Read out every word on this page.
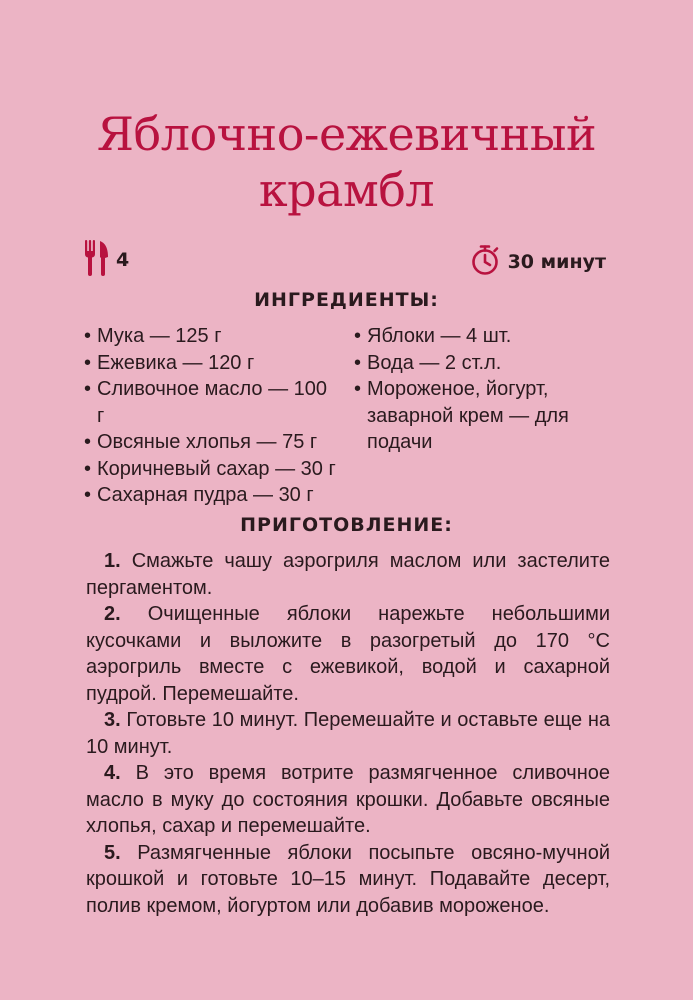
Яблочно-ежевичный
крамбл
4	30 минут
ИНГРЕДИЕНТЫ:
• Мука — 125 г
• Ежевика — 120 г
• Сливочное масло — 100 г
• Овсяные хлопья — 75 г
• Коричневый сахар — 30 г
• Сахарная пудра — 30 г
• Яблоки — 4 шт.
• Вода — 2 ст.л.
• Мороженое, йогурт, заварной крем — для подачи
ПРИГОТОВЛЕНИЕ:

1. Смажьте чашу аэрогриля маслом или застелите пергаментом.

2. Очищенные яблоки нарежьте небольшими кусочками и выложите в разогретый до 170 °C аэрогриль вместе с ежевикой, водой и сахарной пудрой. Перемешайте.

3. Готовьте 10 минут. Перемешайте и оставьте еще на 10 минут.

4. В это время вотрите размягченное сливочное масло в муку до состояния крошки. Добавьте овсяные хлопья, сахар и перемешайте.

5. Размягченные яблоки посыпьте овсяно-мучной крошкой и готовьте 10–15 минут. Подавайте десерт, полив кремом, йогуртом или добавив мороженое.
